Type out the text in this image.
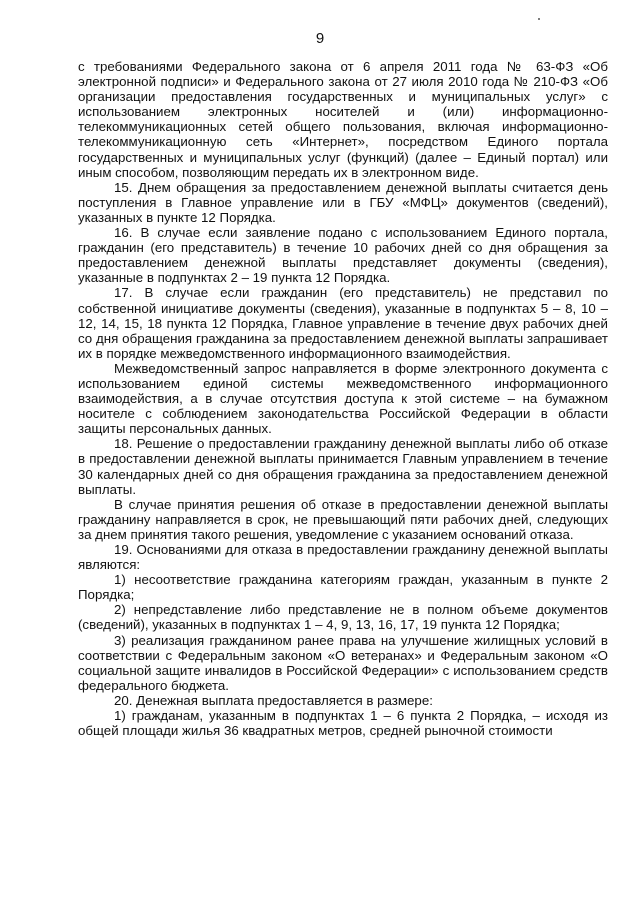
9

с требованиями Федерального закона от 6 апреля 2011 года № 63-ФЗ «Об электронной подписи» и Федерального закона от 27 июля 2010 года № 210-ФЗ «Об организации предоставления государственных и муниципальных услуг» с использованием электронных носителей и (или) информационно-телекоммуникационных сетей общего пользования, включая информационно-телекоммуникационную сеть «Интернет», посредством Единого портала государственных и муниципальных услуг (функций) (далее – Единый портал) или иным способом, позволяющим передать их в электронном виде.

15. Днем обращения за предоставлением денежной выплаты считается день поступления в Главное управление или в ГБУ «МФЦ» документов (сведений), указанных в пункте 12 Порядка.

16. В случае если заявление подано с использованием Единого портала, гражданин (его представитель) в течение 10 рабочих дней со дня обращения за предоставлением денежной выплаты представляет документы (сведения), указанные в подпунктах 2 – 19 пункта 12 Порядка.

17. В случае если гражданин (его представитель) не представил по собственной инициативе документы (сведения), указанные в подпунктах 5 – 8, 10 – 12, 14, 15, 18 пункта 12 Порядка, Главное управление в течение двух рабочих дней со дня обращения гражданина за предоставлением денежной выплаты запрашивает их в порядке межведомственного информационного взаимодействия.

Межведомственный запрос направляется в форме электронного документа с использованием единой системы межведомственного информационного взаимодействия, а в случае отсутствия доступа к этой системе – на бумажном носителе с соблюдением законодательства Российской Федерации в области защиты персональных данных.

18. Решение о предоставлении гражданину денежной выплаты либо об отказе в предоставлении денежной выплаты принимается Главным управлением в течение 30 календарных дней со дня обращения гражданина за предоставлением денежной выплаты.

В случае принятия решения об отказе в предоставлении денежной выплаты гражданину направляется в срок, не превышающий пяти рабочих дней, следующих за днем принятия такого решения, уведомление с указанием оснований отказа.

19. Основаниями для отказа в предоставлении гражданину денежной выплаты являются:

1) несоответствие гражданина категориям граждан, указанным в пункте 2 Порядка;

2) непредставление либо представление не в полном объеме документов (сведений), указанных в подпунктах 1 – 4, 9, 13, 16, 17, 19 пункта 12 Порядка;

3) реализация гражданином ранее права на улучшение жилищных условий в соответствии с Федеральным законом «О ветеранах» и Федеральным законом «О социальной защите инвалидов в Российской Федерации» с использованием средств федерального бюджета.

20. Денежная выплата предоставляется в размере:

1) гражданам, указанным в подпунктах 1 – 6 пункта 2 Порядка, – исходя из общей площади жилья 36 квадратных метров, средней рыночной стоимости
